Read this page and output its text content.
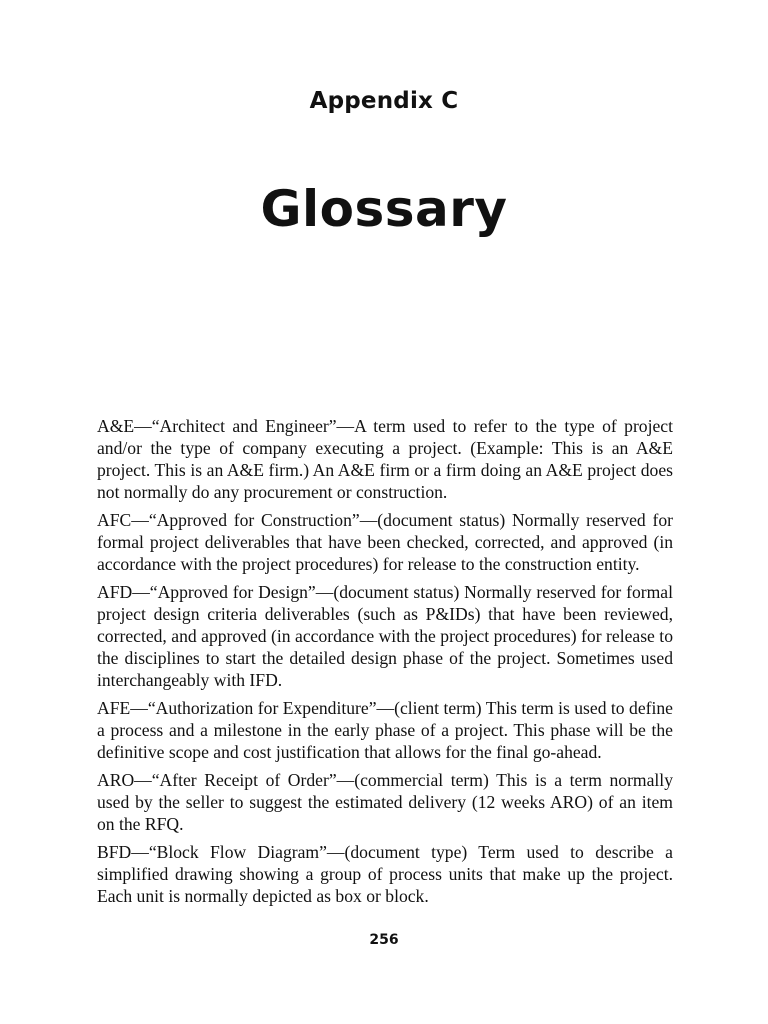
Appendix C
Glossary

A&E—“Architect and Engineer”—A term used to refer to the type of project and/or the type of company executing a project. (Example: This is an A&E project. This is an A&E firm.) An A&E firm or a firm doing an A&E project does not normally do any procurement or construction.

AFC—“Approved for Construction”—(document status) Normally reserved for formal project deliverables that have been checked, corrected, and approved (in accordance with the project procedures) for release to the construction entity.

AFD—“Approved for Design”—(document status) Normally reserved for formal project design criteria deliverables (such as P&IDs) that have been reviewed, corrected, and approved (in accordance with the project procedures) for release to the disciplines to start the detailed design phase of the project. Sometimes used interchangeably with IFD.

AFE—“Authorization for Expenditure”—(client term) This term is used to define a process and a milestone in the early phase of a project. This phase will be the definitive scope and cost justification that allows for the final go-ahead.

ARO—“After Receipt of Order”—(commercial term) This is a term normally used by the seller to suggest the estimated delivery (12 weeks ARO) of an item on the RFQ.

BFD—“Block Flow Diagram”—(document type) Term used to describe a simplified drawing showing a group of process units that make up the project. Each unit is normally depicted as box or block.

256
